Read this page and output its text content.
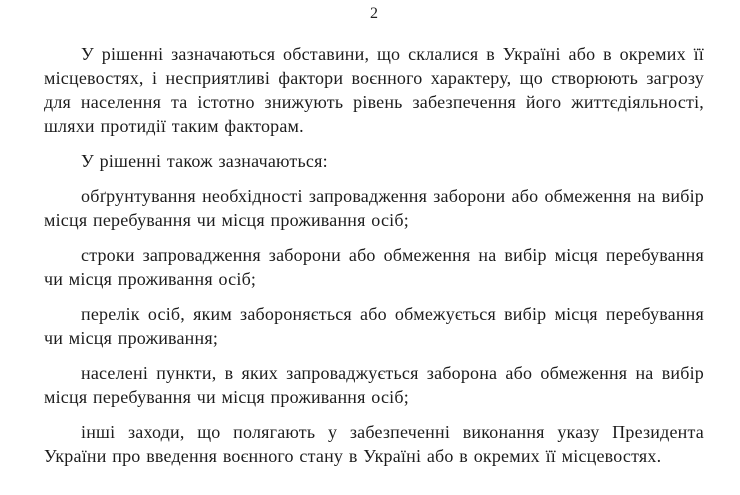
2

У рішенні зазначаються обставини, що склалися в Україні або в окремих її місцевостях, і несприятливі фактори воєнного характеру, що створюють загрозу для населення та істотно знижують рівень забезпечення його життєдіяльності, шляхи протидії таким факторам.

У рішенні також зазначаються:

обґрунтування необхідності запровадження заборони або обмеження на вибір місця перебування чи місця проживання осіб;

строки запровадження заборони або обмеження на вибір місця перебування чи місця проживання осіб;

перелік осіб, яким забороняється або обмежується вибір місця перебування чи місця проживання;

населені пункти, в яких запроваджується заборона або обмеження на вибір місця перебування чи місця проживання осіб;

інші заходи, що полягають у забезпеченні виконання указу Президента України про введення воєнного стану в Україні або в окремих її місцевостях.
